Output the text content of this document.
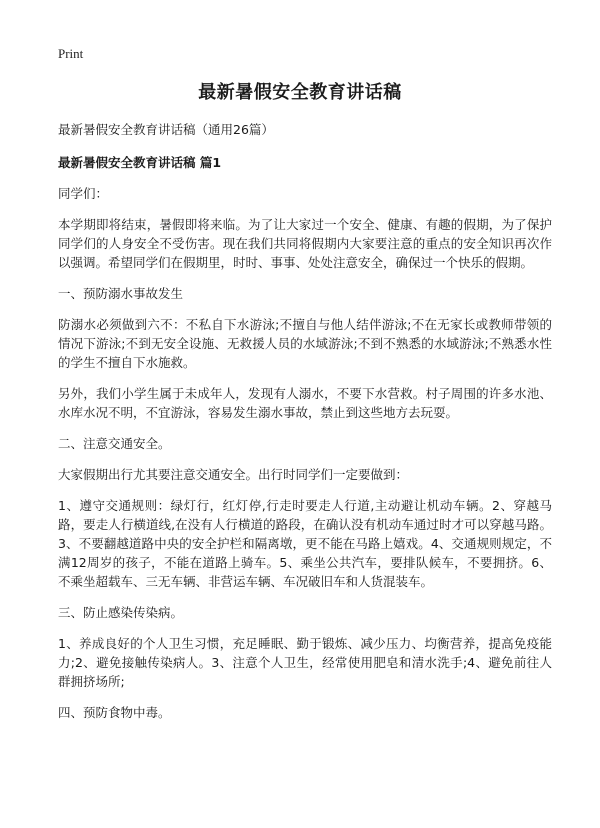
Print
最新暑假安全教育讲话稿

最新暑假安全教育讲话稿（通用26篇）

最新暑假安全教育讲话稿 篇1

同学们：

本学期即将结束，暑假即将来临。为了让大家过一个安全、健康、有趣的假期，为了保护同学们的人身安全不受伤害。现在我们共同将假期内大家要注意的重点的安全知识再次作以强调。希望同学们在假期里，时时、事事、处处注意安全，确保过一个快乐的假期。

一、预防溺水事故发生

防溺水必须做到六不：不私自下水游泳;不擅自与他人结伴游泳;不在无家长或教师带领的情况下游泳;不到无安全设施、无救援人员的水域游泳;不到不熟悉的水域游泳;不熟悉水性的学生不擅自下水施救。

另外，我们小学生属于未成年人，发现有人溺水，不要下水营救。村子周围的许多水池、水库水况不明，不宜游泳，容易发生溺水事故，禁止到这些地方去玩耍。

二、注意交通安全。

大家假期出行尤其要注意交通安全。出行时同学们一定要做到：

1、遵守交通规则：绿灯行，红灯停,行走时要走人行道,主动避让机动车辆。2、穿越马路，要走人行横道线,在没有人行横道的路段，在确认没有机动车通过时才可以穿越马路。3、不要翻越道路中央的安全护栏和隔离墩，更不能在马路上嬉戏。4、交通规则规定，不满12周岁的孩子，不能在道路上骑车。5、乘坐公共汽车，要排队候车，不要拥挤。6、不乘坐超载车、三无车辆、非营运车辆、车况破旧车和人货混装车。

三、防止感染传染病。

1、养成良好的个人卫生习惯，充足睡眠、勤于锻炼、减少压力、均衡营养，提高免疫能力;2、避免接触传染病人。3、注意个人卫生，经常使用肥皂和清水洗手;4、避免前往人群拥挤场所;

四、预防食物中毒。
